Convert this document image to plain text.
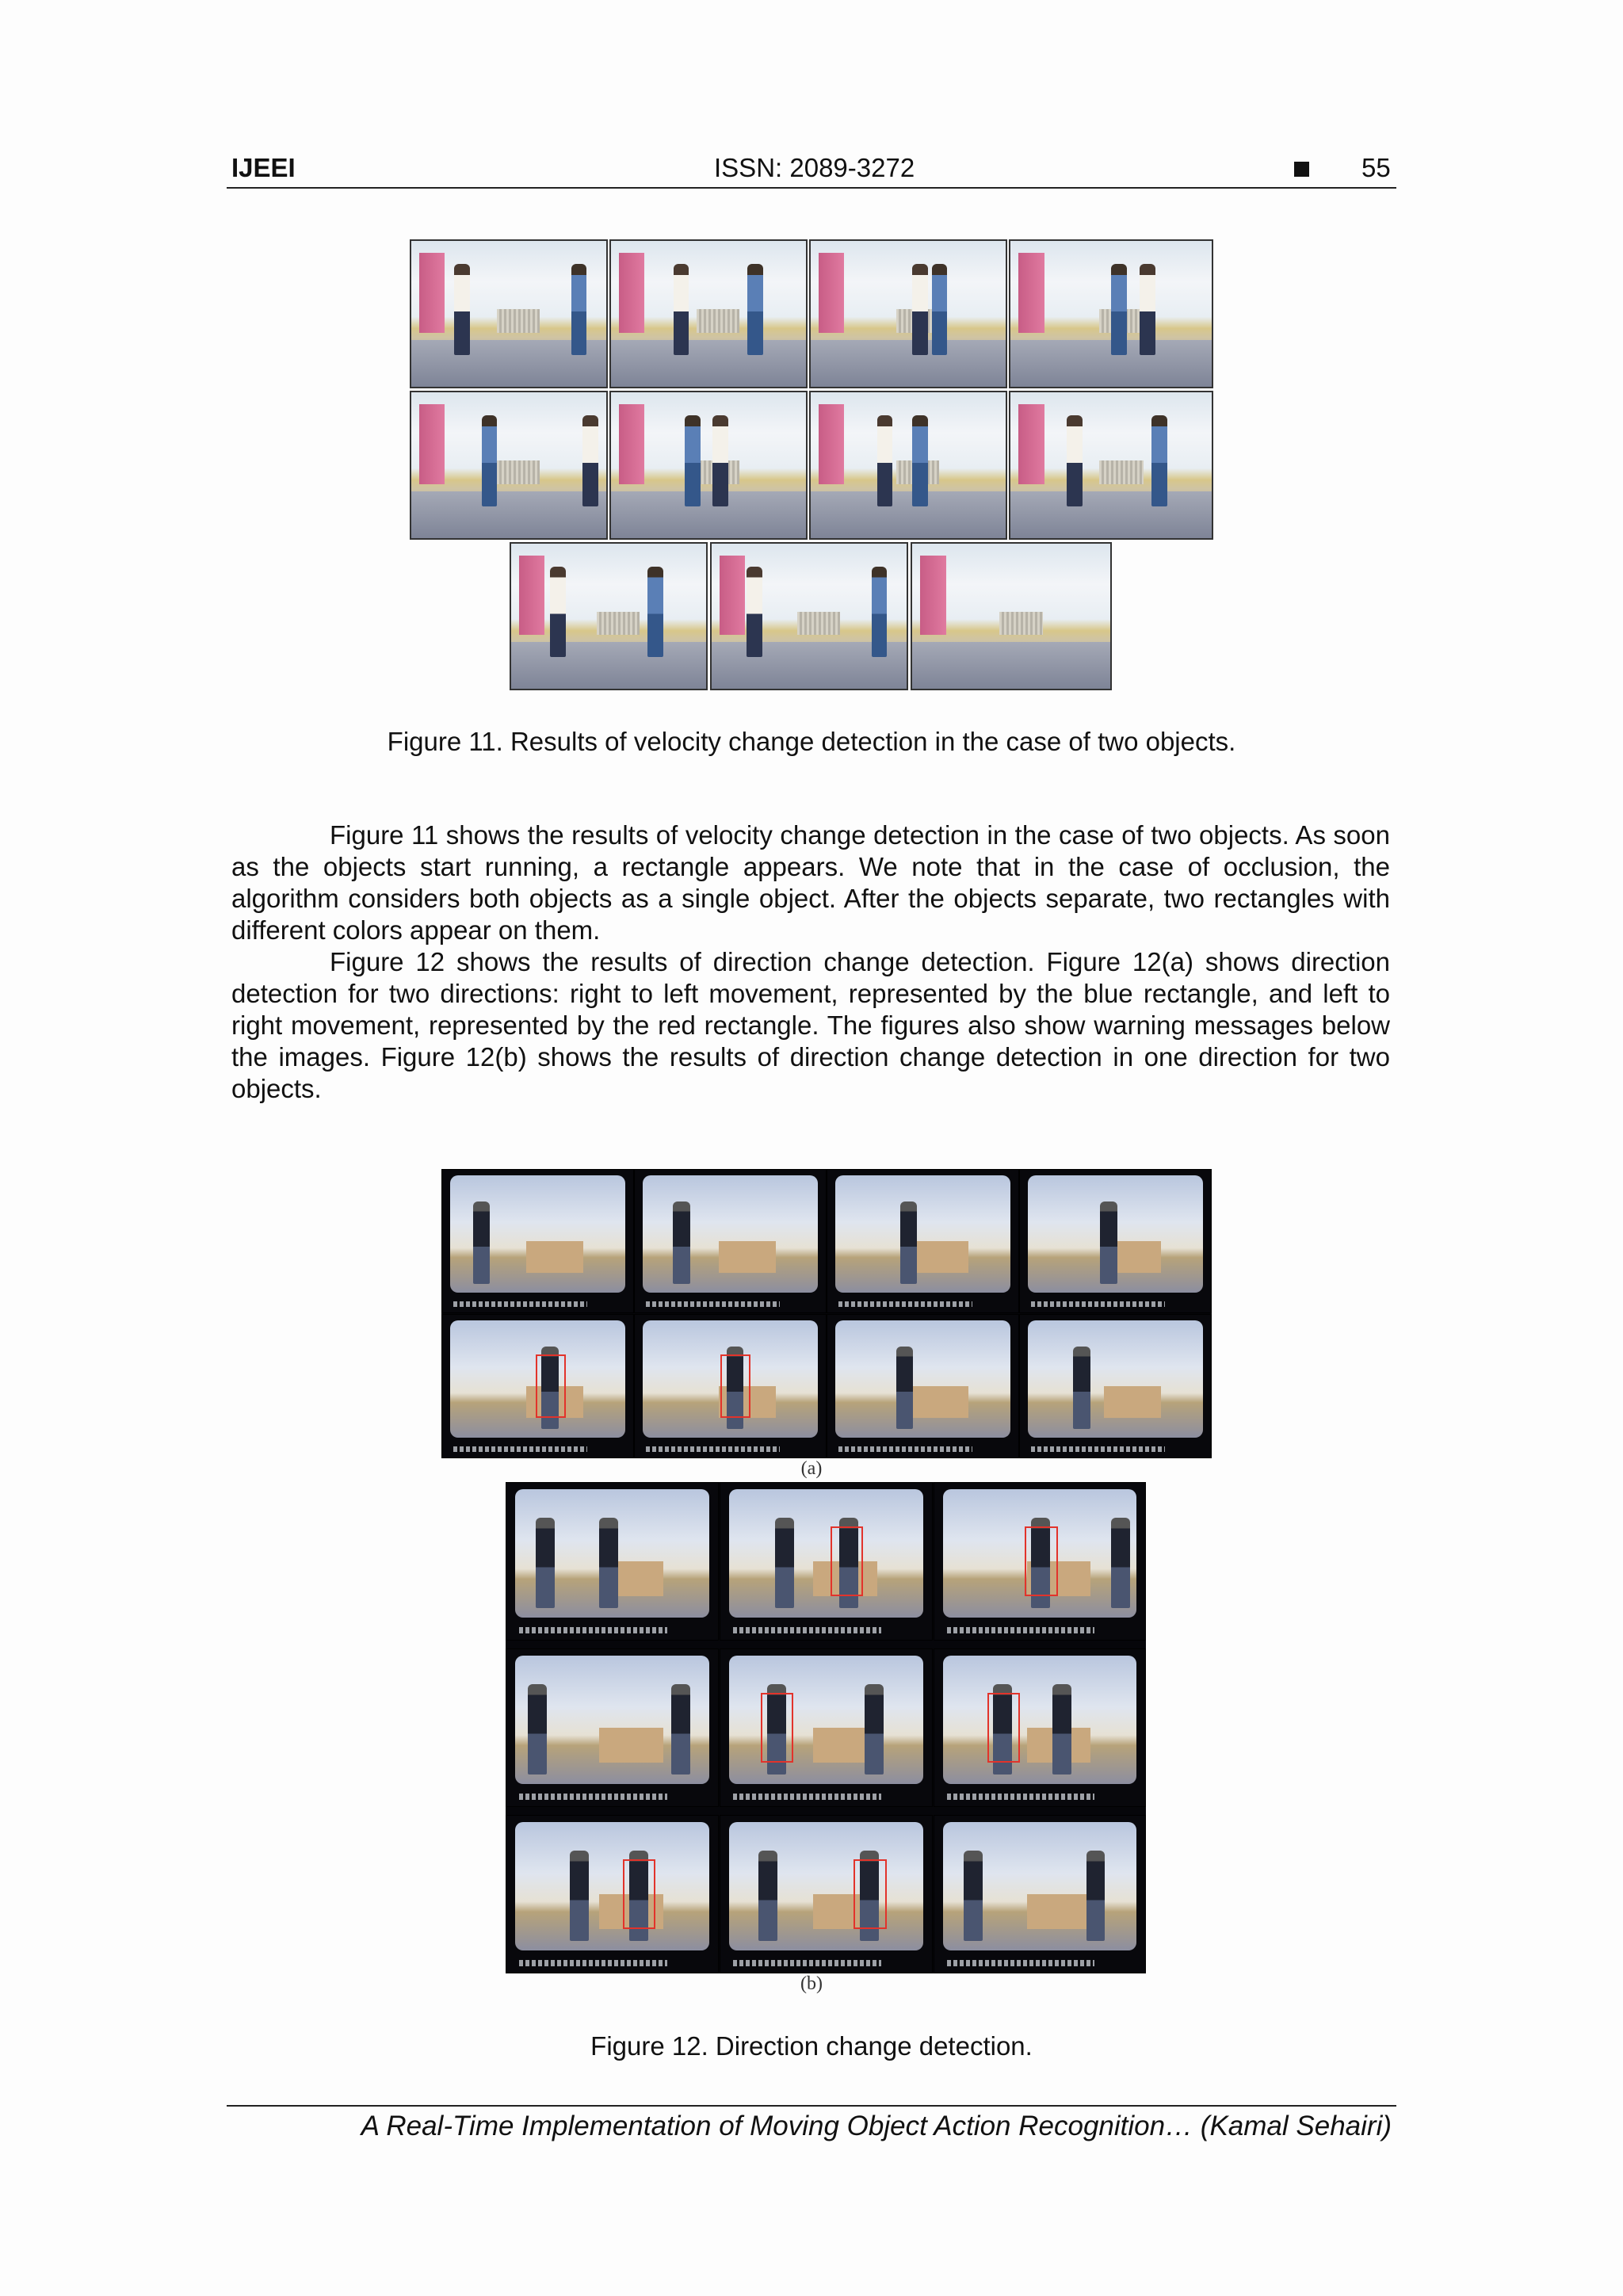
IJEEI	ISSN: 2089-3272	55
Figure 11. Results of velocity change detection in the case of two objects.

Figure 11 shows the results of velocity change detection in the case of two objects. As soon as the objects start running, a rectangle appears. We note that in the case of occlusion, the algorithm considers both objects as a single object. After the objects separate, two rectangles with different colors appear on them.

Figure 12 shows the results of direction change detection. Figure 12(a) shows direction detection for two directions: right to left movement, represented by the blue rectangle, and left to right movement, represented by the red rectangle. The figures also show warning messages below the images. Figure 12(b) shows the results of direction change detection in one direction for two objects.

(a)
(b)
Figure 12. Direction change detection.
A Real-Time Implementation of Moving Object Action Recognition… (Kamal Sehairi)
